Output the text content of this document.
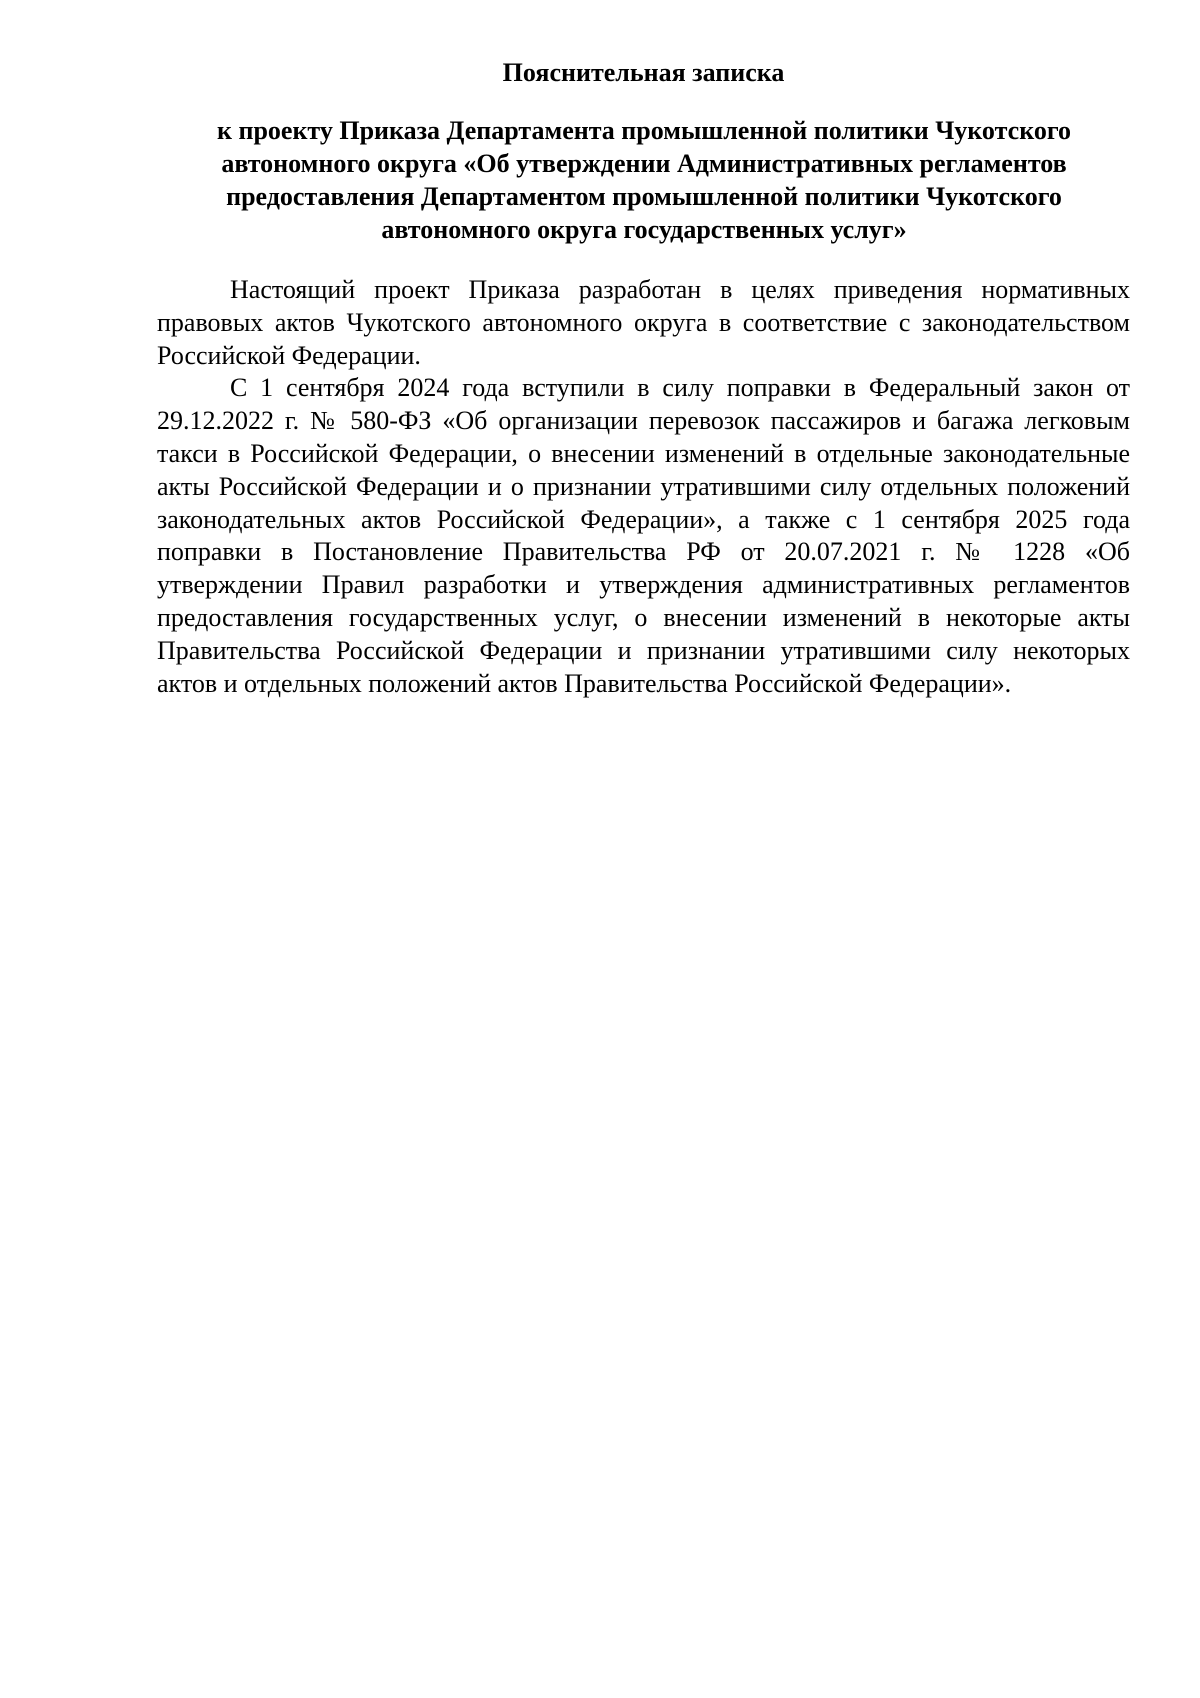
Пояснительная записка
к проекту Приказа Департамента промышленной политики Чукотского автономного округа «Об утверждении Административных регламентов предоставления Департаментом промышленной политики Чукотского автономного округа государственных услуг»

Настоящий проект Приказа разработан в целях приведения нормативных правовых актов Чукотского автономного округа в соответствие с законодательством Российской Федерации.

С 1 сентября 2024 года вступили в силу поправки в Федеральный закон от 29.12.2022 г. № 580-ФЗ «Об организации перевозок пассажиров и багажа легковым такси в Российской Федерации, о внесении изменений в отдельные законодательные акты Российской Федерации и о признании утратившими силу отдельных положений законодательных актов Российской Федерации», а также с 1 сентября 2025 года поправки в Постановление Правительства РФ от 20.07.2021 г. № 1228 «Об утверждении Правил разработки и утверждения административных регламентов предоставления государственных услуг, о внесении изменений в некоторые акты Правительства Российской Федерации и признании утратившими силу некоторых актов и отдельных положений актов Правительства Российской Федерации».
